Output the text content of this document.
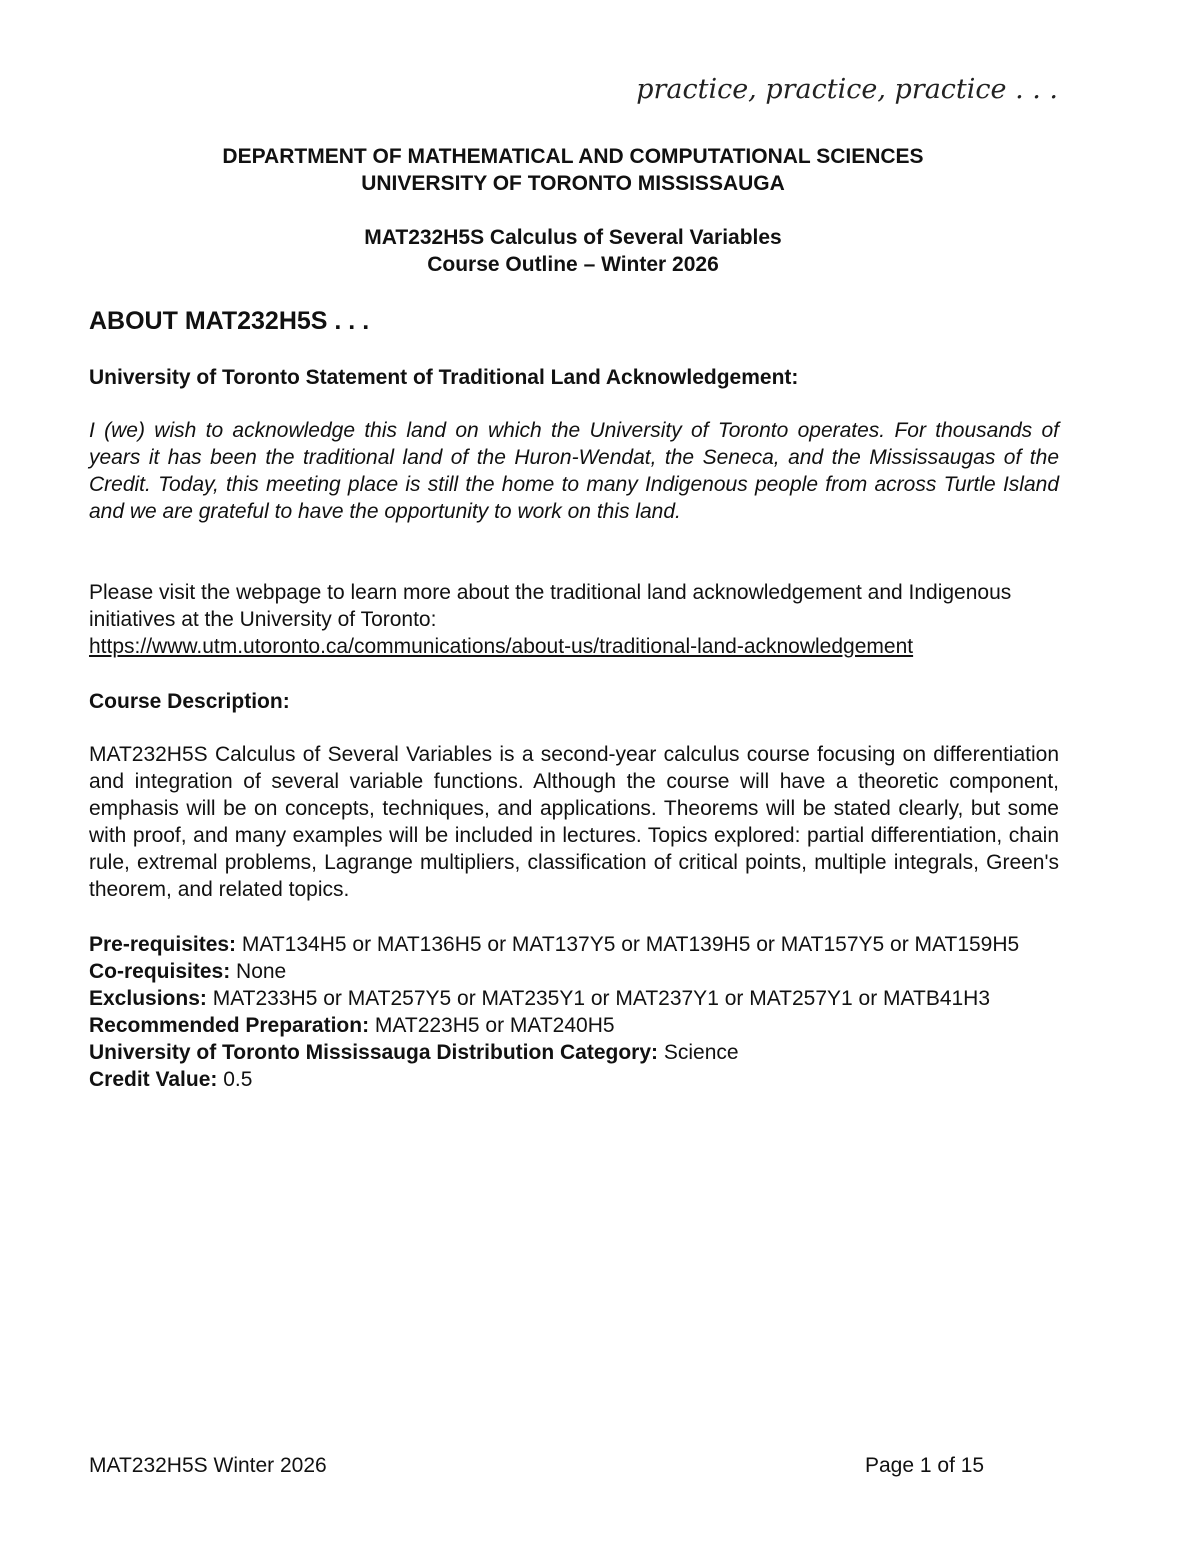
practice, practice, practice . . .
DEPARTMENT OF MATHEMATICAL AND COMPUTATIONAL SCIENCES
UNIVERSITY OF TORONTO MISSISSAUGA
MAT232H5S Calculus of Several Variables
Course Outline – Winter 2026
ABOUT MAT232H5S . . .
University of Toronto Statement of Traditional Land Acknowledgement:
I (we) wish to acknowledge this land on which the University of Toronto operates. For thousands of years it has been the traditional land of the Huron-Wendat, the Seneca, and the Mississaugas of the Credit. Today, this meeting place is still the home to many Indigenous people from across Turtle Island and we are grateful to have the opportunity to work on this land.
Please visit the webpage to learn more about the traditional land acknowledgement and Indigenous initiatives at the University of Toronto:
https://www.utm.utoronto.ca/communications/about-us/traditional-land-acknowledgement
Course Description:
MAT232H5S Calculus of Several Variables is a second-year calculus course focusing on differentiation and integration of several variable functions. Although the course will have a theoretic component, emphasis will be on concepts, techniques, and applications. Theorems will be stated clearly, but some with proof, and many examples will be included in lectures. Topics explored: partial differentiation, chain rule, extremal problems, Lagrange multipliers, classification of critical points, multiple integrals, Green's theorem, and related topics.
Pre-requisites: MAT134H5 or MAT136H5 or MAT137Y5 or MAT139H5 or MAT157Y5 or MAT159H5
Co-requisites: None
Exclusions: MAT233H5 or MAT257Y5 or MAT235Y1 or MAT237Y1 or MAT257Y1 or MATB41H3
Recommended Preparation: MAT223H5 or MAT240H5
University of Toronto Mississauga Distribution Category: Science
Credit Value: 0.5
MAT232H5S Winter 2026	Page 1 of 15
